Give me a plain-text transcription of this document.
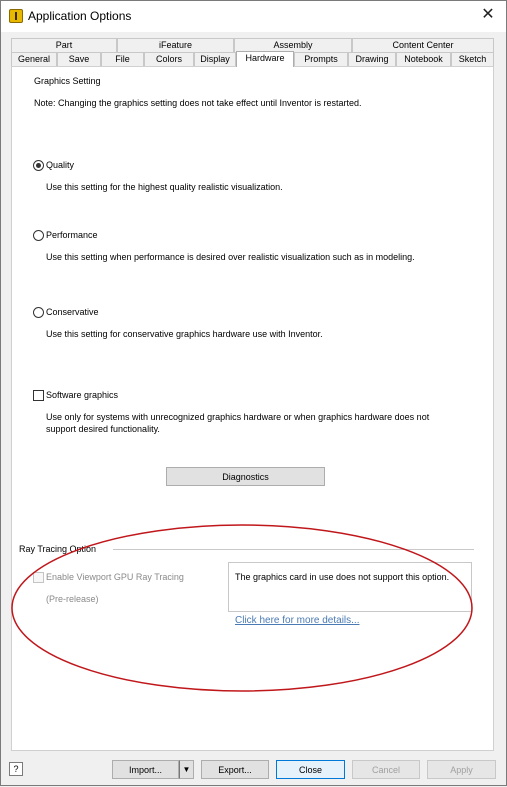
Application Options	✕
Part	iFeature	Assembly	Content Center
General	Save	File	Colors	Display	Hardware	Prompts	Drawing	Notebook	Sketch
Graphics Setting
Note: Changing the graphics setting does not take effect until Inventor is restarted.
Quality
Use this setting for the highest quality realistic visualization.
Performance
Use this setting when performance is desired over realistic visualization such as in modeling.
Conservative
Use this setting for conservative graphics hardware use with Inventor.
Software graphics
Use only for systems with unrecognized graphics hardware or when graphics hardware does not
support desired functionality.
Diagnostics
Ray Tracing Option
Enable Viewport GPU Ray Tracing
(Pre-release)
The graphics card in use does not support this option.
Click here for more details...
?	Import...	▼	Export...	Close	Cancel	Apply
